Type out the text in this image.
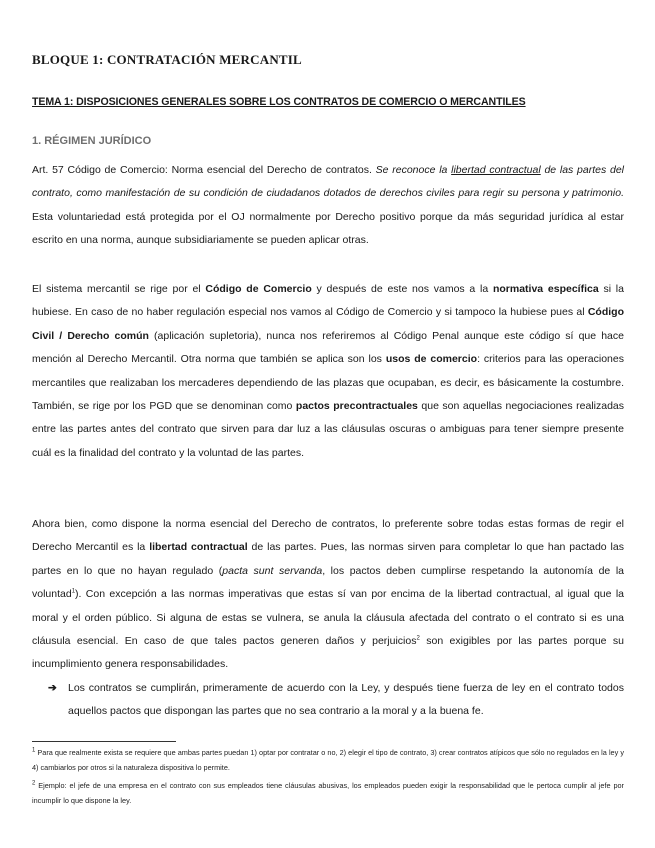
BLOQUE 1: CONTRATACIÓN MERCANTIL
TEMA 1: DISPOSICIONES GENERALES SOBRE LOS CONTRATOS DE COMERCIO O MERCANTILES
1. RÉGIMEN JURÍDICO
Art. 57 Código de Comercio: Norma esencial del Derecho de contratos. Se reconoce la libertad contractual de las partes del contrato, como manifestación de su condición de ciudadanos dotados de derechos civiles para regir su persona y patrimonio. Esta voluntariedad está protegida por el OJ normalmente por Derecho positivo porque da más seguridad jurídica al estar escrito en una norma, aunque subsidiariamente se pueden aplicar otras.
El sistema mercantil se rige por el Código de Comercio y después de este nos vamos a la normativa específica si la hubiese. En caso de no haber regulación especial nos vamos al Código de Comercio y si tampoco la hubiese pues al Código Civil / Derecho común (aplicación supletoria), nunca nos referiremos al Código Penal aunque este código sí que hace mención al Derecho Mercantil. Otra norma que también se aplica son los usos de comercio: criterios para las operaciones mercantiles que realizaban los mercaderes dependiendo de las plazas que ocupaban, es decir, es básicamente la costumbre. También, se rige por los PGD que se denominan como pactos precontractuales que son aquellas negociaciones realizadas entre las partes antes del contrato que sirven para dar luz a las cláusulas oscuras o ambiguas para tener siempre presente cuál es la finalidad del contrato y la voluntad de las partes.
Ahora bien, como dispone la norma esencial del Derecho de contratos, lo preferente sobre todas estas formas de regir el Derecho Mercantil es la libertad contractual de las partes. Pues, las normas sirven para completar lo que han pactado las partes en lo que no hayan regulado (pacta sunt servanda, los pactos deben cumplirse respetando la autonomía de la voluntad$^1$). Con excepción a las normas imperativas que estas sí van por encima de la libertad contractual, al igual que la moral y el orden público. Si alguna de estas se vulnera, se anula la cláusula afectada del contrato o el contrato si es una cláusula esencial. En caso de que tales pactos generen daños y perjuicios$^2$ son exigibles por las partes porque su incumplimiento genera responsabilidades.
➔	Los contratos se cumplirán, primeramente de acuerdo con la Ley, y después tiene fuerza de ley en el contrato todos aquellos pactos que dispongan las partes que no sea contrario a la moral y a la buena fe.
$^1$ Para que realmente exista se requiere que ambas partes puedan 1) optar por contratar o no, 2) elegir el tipo de contrato, 3) crear contratos atípicos que sólo no regulados en la ley y 4) cambiarlos por otros si la naturaleza dispositiva lo permite.
$^2$ Ejemplo: el jefe de una empresa en el contrato con sus empleados tiene cláusulas abusivas, los empleados pueden exigir la responsabilidad que le pertoca cumplir al jefe por incumplir lo que dispone la ley.
